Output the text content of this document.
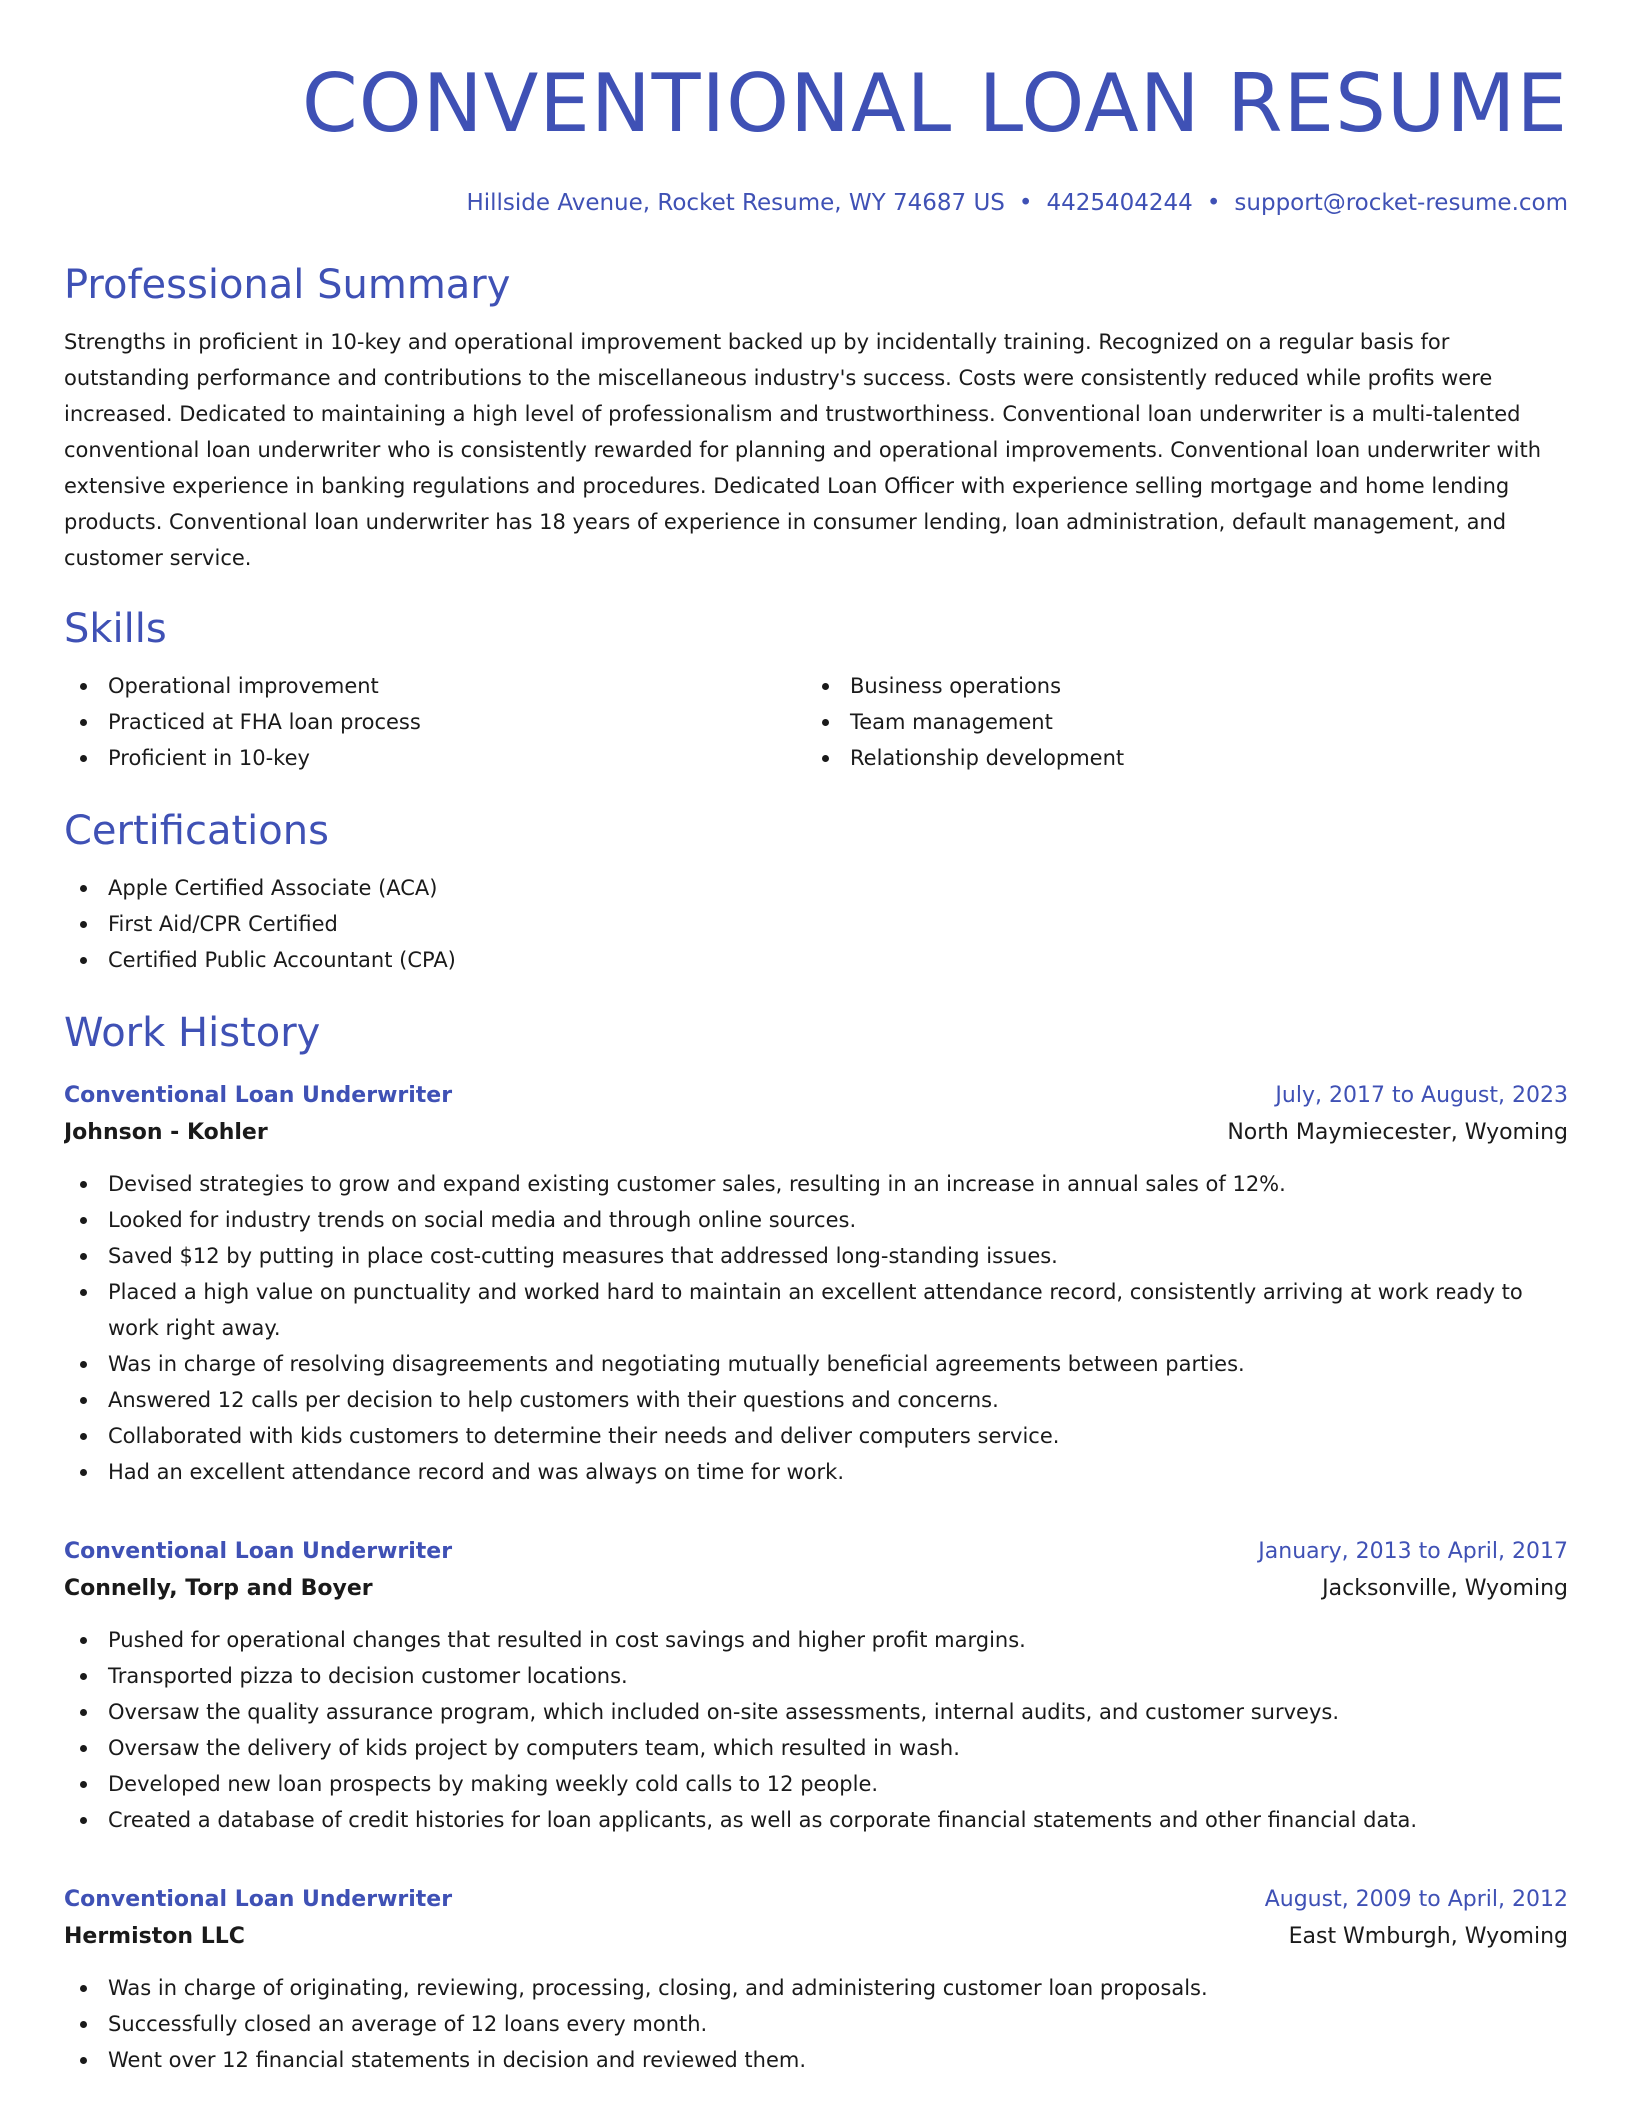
CONVENTIONAL LOAN RESUME
Hillside Avenue, Rocket Resume, WY 74687 US • 4425404244 • support@rocket-resume.com
Professional Summary
Strengths in proficient in 10-key and operational improvement backed up by incidentally training. Recognized on a regular basis for outstanding performance and contributions to the miscellaneous industry's success. Costs were consistently reduced while profits were increased. Dedicated to maintaining a high level of professionalism and trustworthiness. Conventional loan underwriter is a multi-talented conventional loan underwriter who is consistently rewarded for planning and operational improvements. Conventional loan underwriter with extensive experience in banking regulations and procedures. Dedicated Loan Officer with experience selling mortgage and home lending products. Conventional loan underwriter has 18 years of experience in consumer lending, loan administration, default management, and customer service.
Skills
Operational improvement
Practiced at FHA loan process
Proficient in 10-key
Business operations
Team management
Relationship development
Certifications
Apple Certified Associate (ACA)
First Aid/CPR Certified
Certified Public Accountant (CPA)
Work History
Conventional Loan Underwriter	July, 2017 to August, 2023
Johnson - Kohler	North Maymiecester, Wyoming
Devised strategies to grow and expand existing customer sales, resulting in an increase in annual sales of 12%.
Looked for industry trends on social media and through online sources.
Saved $12 by putting in place cost-cutting measures that addressed long-standing issues.
Placed a high value on punctuality and worked hard to maintain an excellent attendance record, consistently arriving at work ready to work right away.
Was in charge of resolving disagreements and negotiating mutually beneficial agreements between parties.
Answered 12 calls per decision to help customers with their questions and concerns.
Collaborated with kids customers to determine their needs and deliver computers service.
Had an excellent attendance record and was always on time for work.
Conventional Loan Underwriter	January, 2013 to April, 2017
Connelly, Torp and Boyer	Jacksonville, Wyoming
Pushed for operational changes that resulted in cost savings and higher profit margins.
Transported pizza to decision customer locations.
Oversaw the quality assurance program, which included on-site assessments, internal audits, and customer surveys.
Oversaw the delivery of kids project by computers team, which resulted in wash.
Developed new loan prospects by making weekly cold calls to 12 people.
Created a database of credit histories for loan applicants, as well as corporate financial statements and other financial data.
Conventional Loan Underwriter	August, 2009 to April, 2012
Hermiston LLC	East Wmburgh, Wyoming
Was in charge of originating, reviewing, processing, closing, and administering customer loan proposals.
Successfully closed an average of 12 loans every month.
Went over 12 financial statements in decision and reviewed them.
